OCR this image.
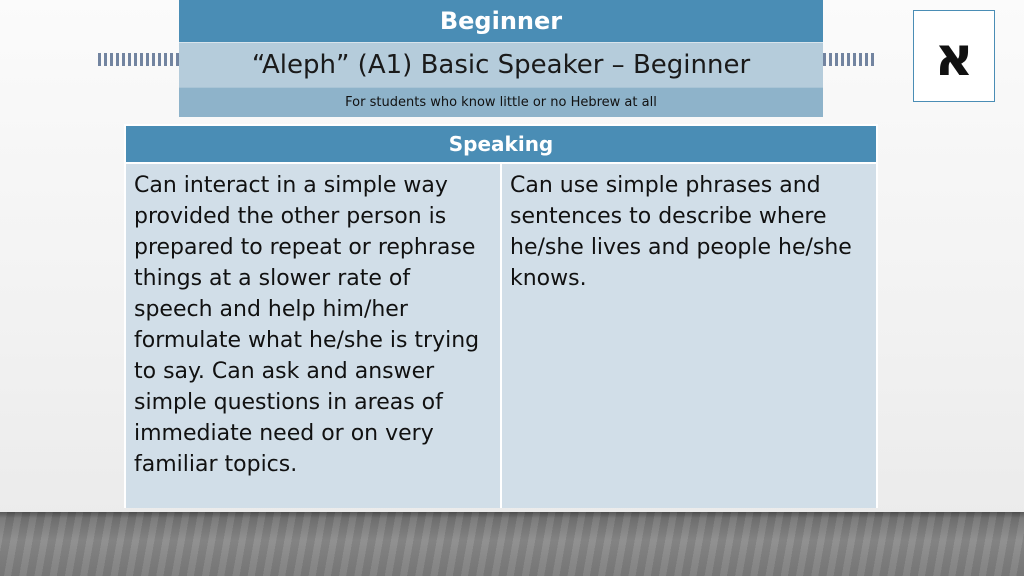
Beginner
“Aleph” (A1) Basic Speaker – Beginner
For students who know little or no Hebrew at all
א
Speaking
Can interact in a simple way provided the other person is prepared to repeat or rephrase things at a slower rate of speech and help him/her formulate what he/she is trying to say. Can ask and answer simple questions in areas of immediate need or on very familiar topics.
Can use simple phrases and sentences to describe where he/she lives and people he/she knows.
